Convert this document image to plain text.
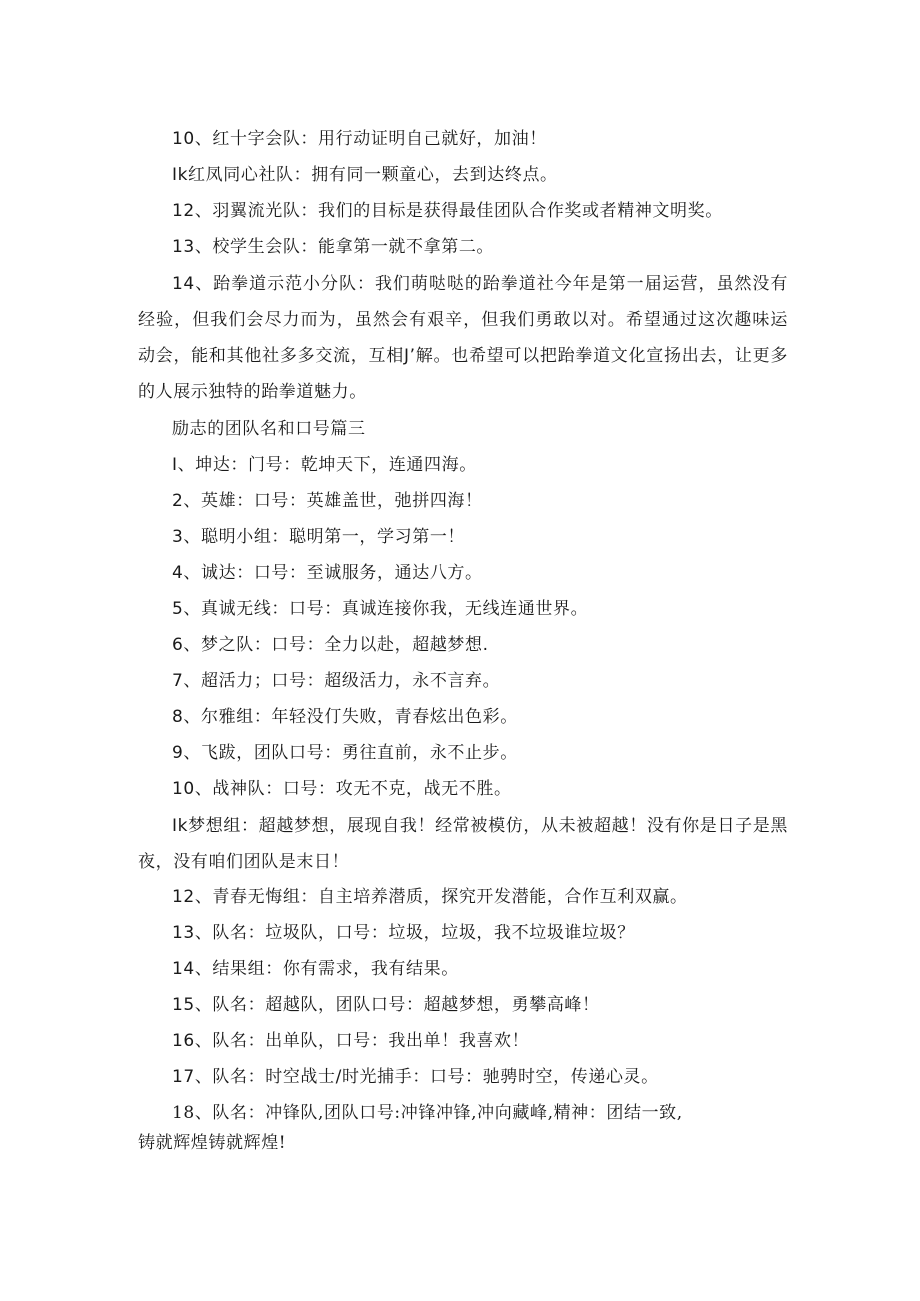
10、红十字会队：用行动证明自己就好，加油！
Ik红凤同心社队：拥有同一颗童心，去到达终点。
12、羽翼流光队：我们的目标是获得最佳团队合作奖或者精神文明奖。
13、校学生会队：能拿第一就不拿第二。
14、跆拳道示范小分队：我们萌哒哒的跆拳道社今年是第一届运营，虽然没有经验，但我们会尽力而为，虽然会有艰辛，但我们勇敢以对。希望通过这次趣味运动会，能和其他社多多交流，互相J’解。也希望可以把跆拳道文化宣扬出去，让更多的人展示独特的跆拳道魅力。
励志的团队名和口号篇三
I、坤达：门号：乾坤天下，连通四海。
2、英雄：口号：英雄盖世，弛拼四海！
3、聪明小组：聪明第一，学习第一！
4、诚达：口号：至诚服务，通达八方。
5、真诚无线：口号：真诚连接你我，无线连通世界。
6、梦之队：口号：全力以赴，超越梦想.
7、超活力；口号：超级活力，永不言弃。
8、尔雅组：年轻没仃失败，青春炫出色彩。
9、飞跋，团队口号：勇往直前，永不止步。
10、战神队：口号：攻无不克，战无不胜。
Ik梦想组：超越梦想，展现自我！经常被模仿，从未被超越！没有你是日子是黑夜，没有咱们团队是末日！
12、青春无悔组：自主培养潜质，探究开发潜能，合作互利双赢。
13、队名：垃圾队，口号：垃圾，垃圾，我不垃圾谁垃圾？
14、结果组：你有需求，我有结果。
15、队名：超越队，团队口号：超越梦想，勇攀高峰！
16、队名：出单队，口号：我出单！我喜欢！
17、队名：时空战士/时光捕手：口号：驰骋时空，传递心灵。
18、队名：冲锋队,团队口号:冲锋冲锋,冲向藏峰,精神：团结一致,
铸就辉煌铸就辉煌!
